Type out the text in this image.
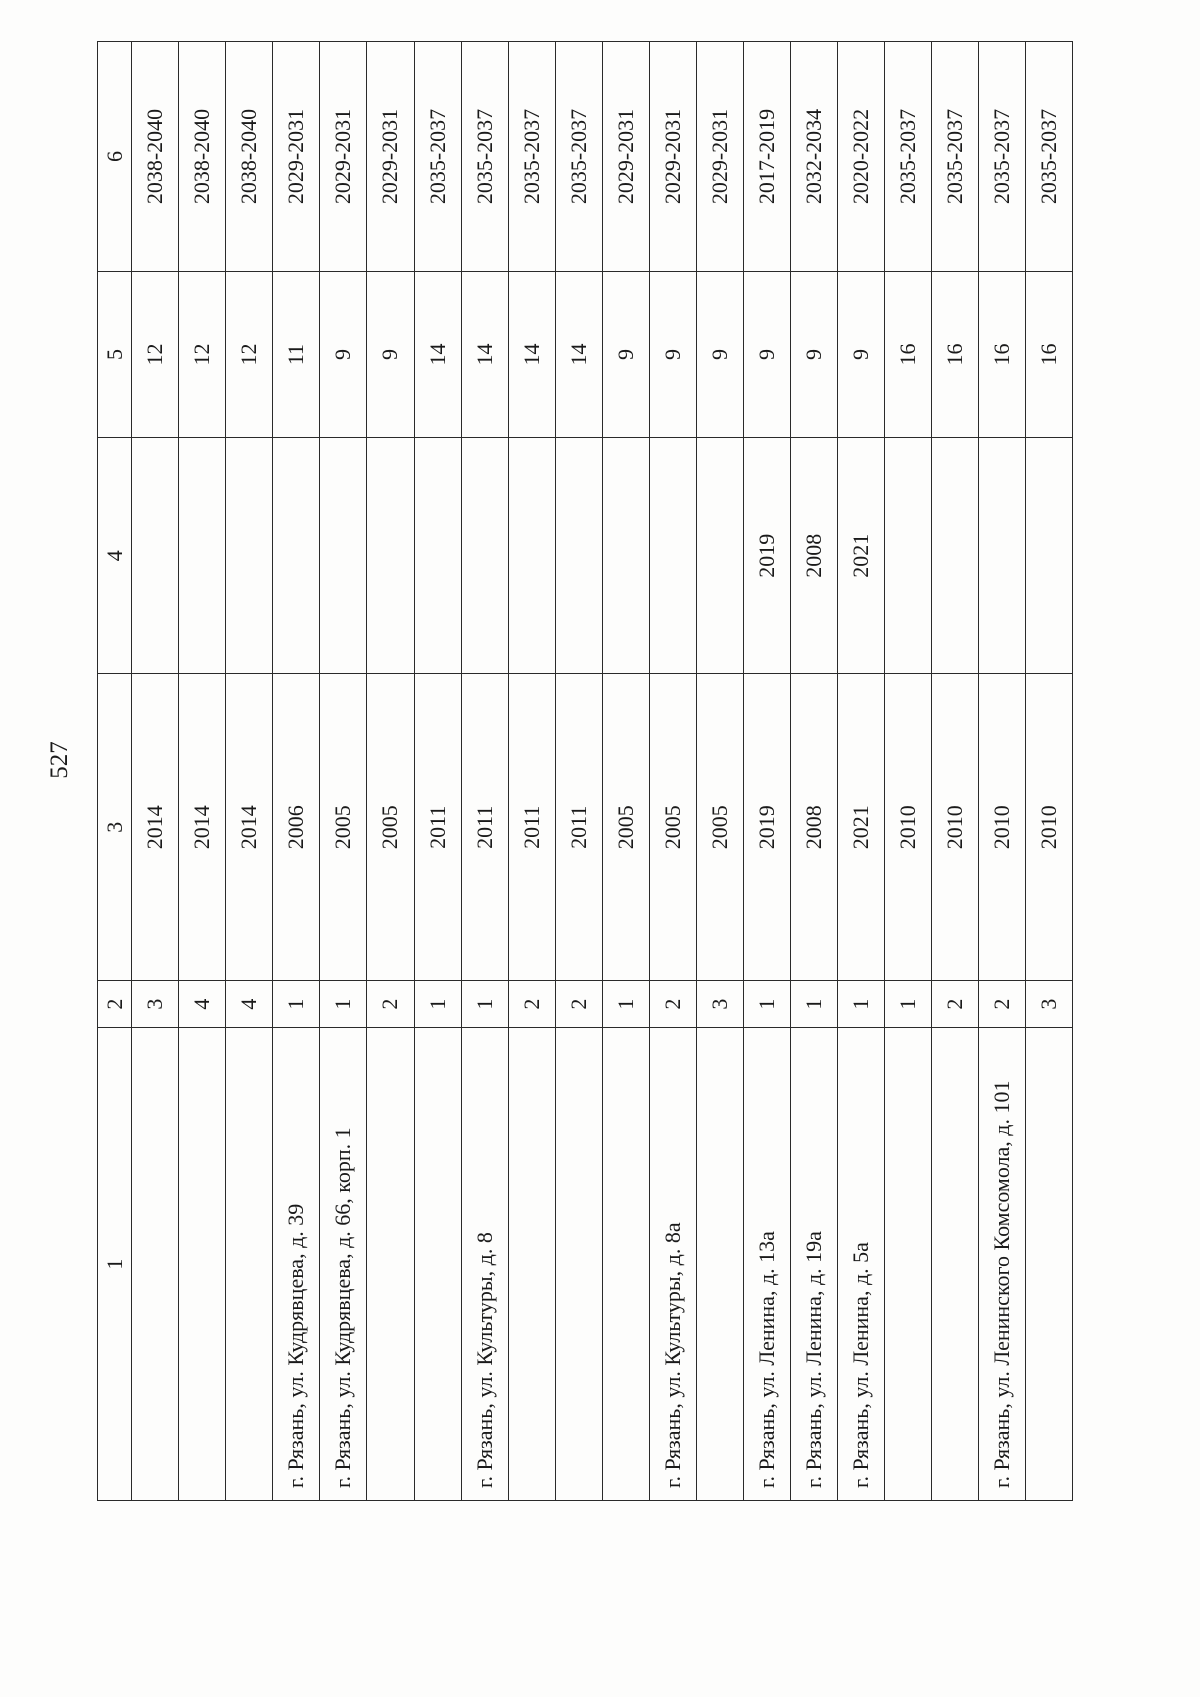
527
1	2	3	4	5	6
	3	2014		12	2038-2040
	4	2014		12	2038-2040
	4	2014		12	2038-2040
г. Рязань, ул. Кудрявцева, д. 39	1	2006		11	2029-2031
г. Рязань, ул. Кудрявцева, д. 66, корп. 1	1	2005		9	2029-2031
	2	2005		9	2029-2031
	1	2011		14	2035-2037
г. Рязань, ул. Культуры, д. 8	1	2011		14	2035-2037
	2	2011		14	2035-2037
	2	2011		14	2035-2037
	1	2005		9	2029-2031
г. Рязань, ул. Культуры, д. 8а	2	2005		9	2029-2031
	3	2005		9	2029-2031
г. Рязань, ул. Ленина, д. 13а	1	2019	2019	9	2017-2019
г. Рязань, ул. Ленина, д. 19а	1	2008	2008	9	2032-2034
г. Рязань, ул. Ленина, д. 5а	1	2021	2021	9	2020-2022
	1	2010		16	2035-2037
	2	2010		16	2035-2037
г. Рязань, ул. Ленинского Комсомола, д. 101	2	2010		16	2035-2037
	3	2010		16	2035-2037
